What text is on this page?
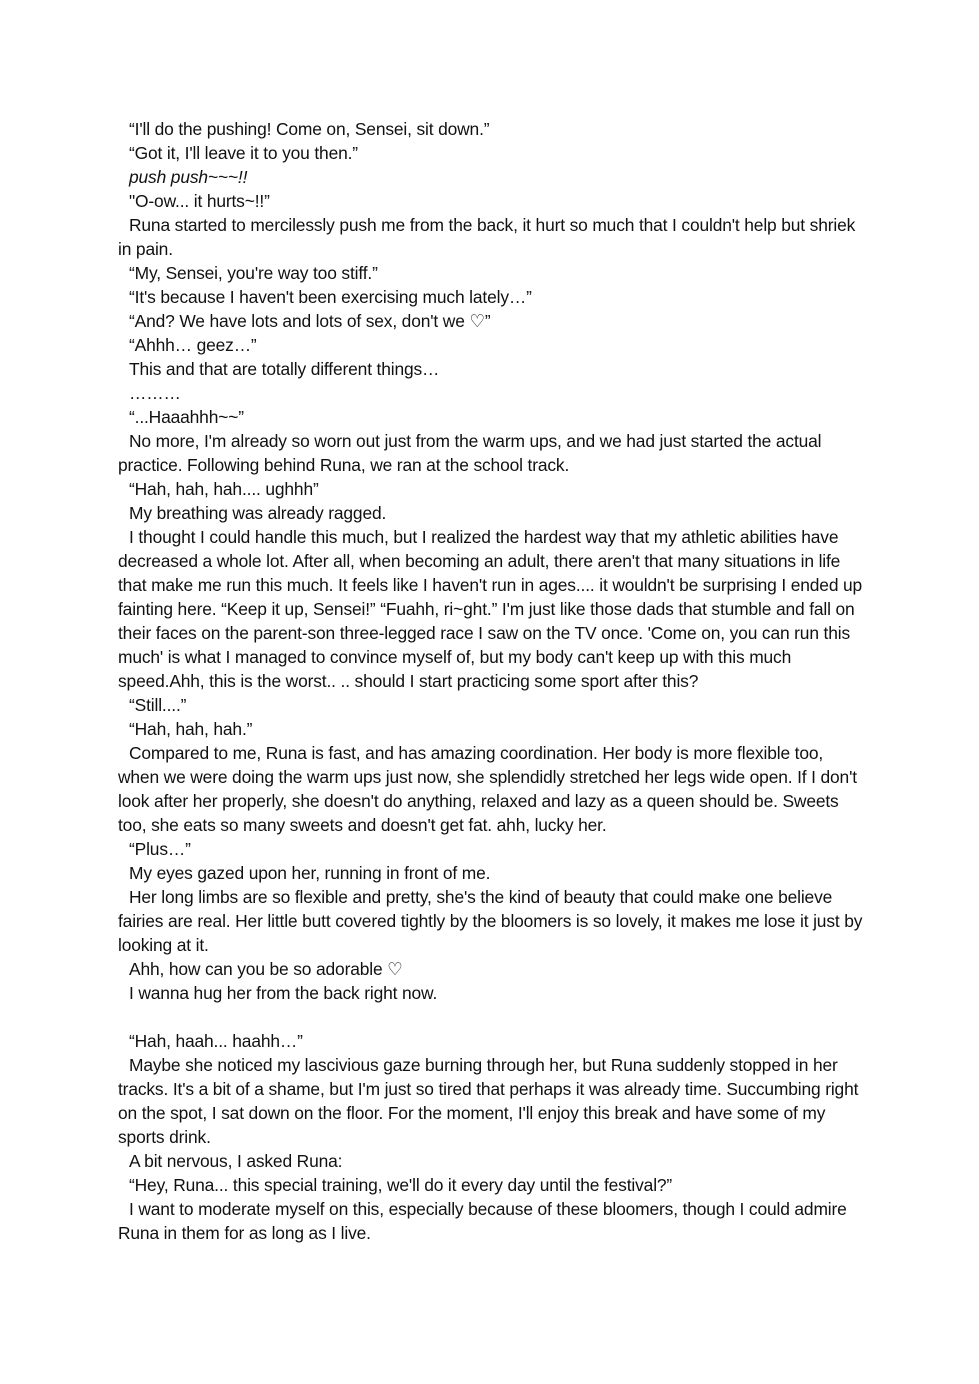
“I'll do the pushing! Come on, Sensei, sit down.”

“Got it, I'll leave it to you then.”

push push~~~!!

"O-ow... it hurts~!!”

Runa started to mercilessly push me from the back, it hurt so much that I couldn't help but shriek in pain.

“My, Sensei, you're way too stiff.”

“It's because I haven't been exercising much lately…”

“And? We have lots and lots of sex, don't we ♡”

“Ahhh… geez…”

This and that are totally different things…

………

“...Haaahhh~~”

No more, I'm already so worn out just from the warm ups, and we had just started the actual practice. Following behind Runa, we ran at the school track.

“Hah, hah, hah.... ughhh”

My breathing was already ragged.

I thought I could handle this much, but I realized the hardest way that my athletic abilities have decreased a whole lot. After all, when becoming an adult, there aren't that many situations in life that make me run this much. It feels like I haven't run in ages.... it wouldn't be surprising I ended up fainting here. “Keep it up, Sensei!” “Fuahh, ri~ght.” I'm just like those dads that stumble and fall on their faces on the parent-son three-legged race I saw on the TV once. 'Come on, you can run this much' is what I managed to convince myself of, but my body can't keep up with this much speed.Ahh, this is the worst.. .. should I start practicing some sport after this?

“Still....”

“Hah, hah, hah.”

Compared to me, Runa is fast, and has amazing coordination. Her body is more flexible too, when we were doing the warm ups just now, she splendidly stretched her legs wide open. If I don't look after her properly, she doesn't do anything, relaxed and lazy as a queen should be. Sweets too, she eats so many sweets and doesn't get fat. ahh, lucky her.

“Plus…”

My eyes gazed upon her, running in front of me.

Her long limbs are so flexible and pretty, she's the kind of beauty that could make one believe fairies are real. Her little butt covered tightly by the bloomers is so lovely, it makes me lose it just by looking at it.

Ahh, how can you be so adorable ♡

I wanna hug her from the back right now.

“Hah, haah... haahh…”

Maybe she noticed my lascivious gaze burning through her, but Runa suddenly stopped in her tracks. It's a bit of a shame, but I'm just so tired that perhaps it was already time. Succumbing right on the spot, I sat down on the floor. For the moment, I'll enjoy this break and have some of my sports drink.

A bit nervous, I asked Runa:

“Hey, Runa... this special training, we'll do it every day until the festival?”

I want to moderate myself on this, especially because of these bloomers, though I could admire Runa in them for as long as I live.
